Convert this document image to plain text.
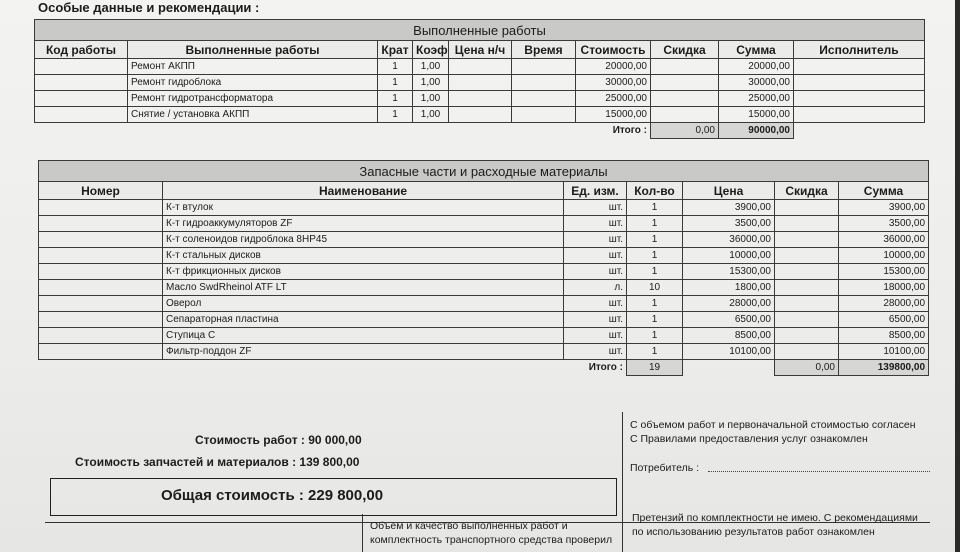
Особые данные и рекомендации :
Выполненные работы									
Код работы	Выполненные работы	Крат	Коэф	Цена н/ч	Время	Стоимость	Скидка	Сумма	Исполнитель
	Ремонт АКПП	1	1,00			20000,00		20000,00	
	Ремонт гидроблока	1	1,00			30000,00		30000,00	
	Ремонт гидротрансформатора	1	1,00			25000,00		25000,00	
	Снятие / установка АКПП	1	1,00			15000,00		15000,00	
Итого :							0,00	90000,00	
Запасные части и расходные материалы						
Номер	Наименование	Ед. изм.	Кол-во	Цена	Скидка	Сумма
	К-т втулок	шт.	1	3900,00		3900,00
	К-т гидроаккумуляторов ZF	шт.	1	3500,00		3500,00
	К-т соленоидов гидроблока 8HP45	шт.	1	36000,00		36000,00
	К-т стальных дисков	шт.	1	10000,00		10000,00
	К-т фрикционных дисков	шт.	1	15300,00		15300,00
	Масло SwdRheinol ATF LT	л.	10	1800,00		18000,00
	Оверол	шт.	1	28000,00		28000,00
	Сепараторная пластина	шт.	1	6500,00		6500,00
	Ступица С	шт.	1	8500,00		8500,00
	Фильтр-поддон ZF	шт.	1	10100,00		10100,00
Итого :			19		0,00	139800,00
Стоимость работ : 90 000,00
Стоимость запчастей и материалов : 139 800,00
Общая стоимость : 229 800,00
С объемом работ и первоначальной стоимостью согласен
С Правилами предоставления услуг ознакомлен
Потребитель :
Объем и качество выполненных работ и
комплектность транспортного средства проверил
Претензий по комплектности не имею. С рекомендациями
по использованию результатов работ ознакомлен
